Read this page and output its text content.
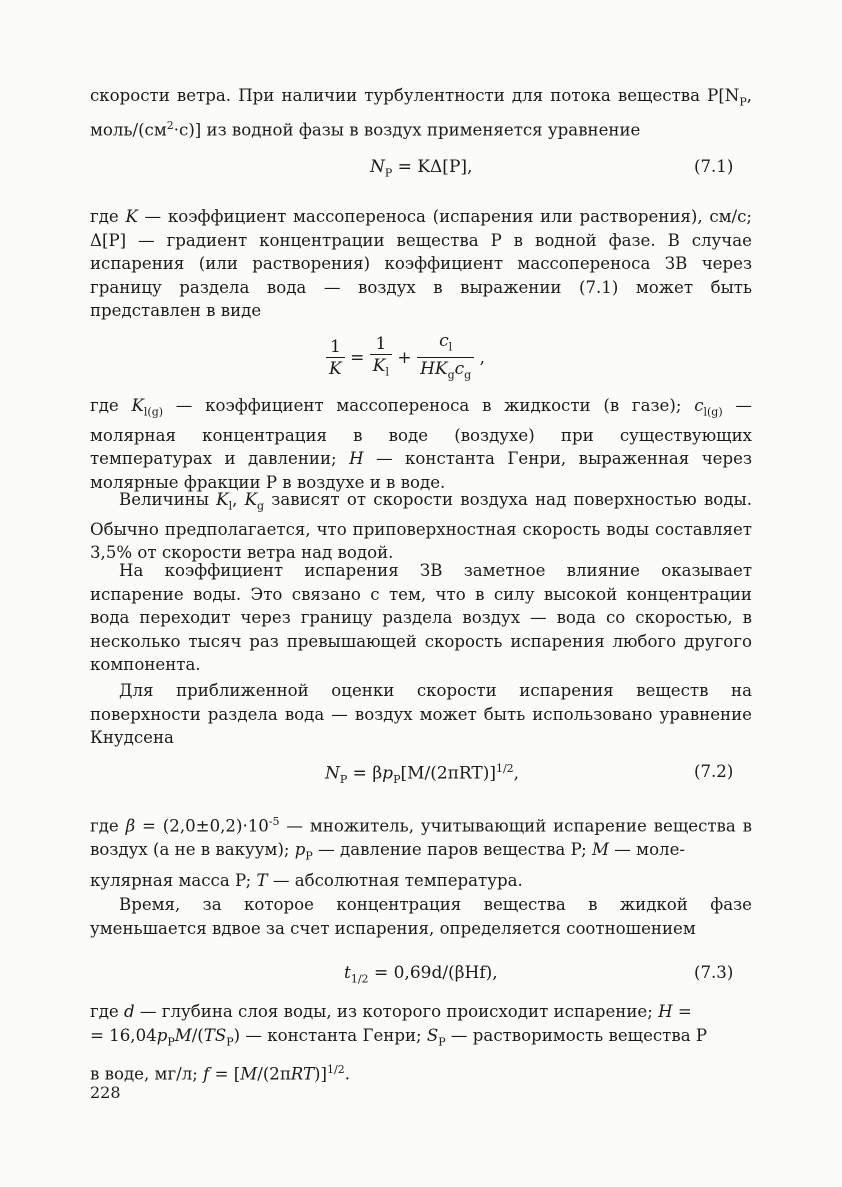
скорости ветра. При наличии турбулентности для потока вещества $P[N_P$, моль/$(см^2\cdot c)$] из водной фазы в воздух применяется уравнение

$N_P = K\Delta[P]$,	(7.1)

где K — коэффициент массопереноса (испарения или растворения), см/с; Δ[P] — градиент концентрации вещества P в водной фазе. В случае испарения (или растворения) коэффициент массопереноса ЗВ через границу раздела вода — воздух в выражении (7.1) может быть представлен в виде

$\frac{1}{K} = \frac{1}{K_l} + \frac{c_l}{HK_gc_g}$ ,

где $K_{l(g)}$ — коэффициент массопереноса в жидкости (в газе); $c_{l(g)}$ — молярная концентрация в воде (воздухе) при существующих температурах и давлении; H — константа Генри, выраженная через молярные фракции P в воздухе и в воде.

Величины $K_l$, $K_g$ зависят от скорости воздуха над поверхностью воды. Обычно предполагается, что приповерхностная скорость воды составляет 3,5% от скорости ветра над водой.

На коэффициент испарения ЗВ заметное влияние оказывает испарение воды. Это связано с тем, что в силу высокой концентрации вода переходит через границу раздела воздух — вода со скоростью, в несколько тысяч раз превышающей скорость испарения любого другого компонента.

Для приближенной оценки скорости испарения веществ на поверхности раздела вода — воздух может быть использовано уравнение Кнудсена

$N_P = \beta p_P[M/(2\pi RT)]^{1/2}$,	(7.2)

где $\beta = (2,0\pm 0,2)\cdot 10^{-5}$ — множитель, учитывающий испарение вещества в воздух (а не в вакуум); $p_P$ — давление паров вещества P; M — моле-

кулярная масса P; T — абсолютная температура.

Время, за которое концентрация вещества в жидкой фазе уменьшается вдвое за счет испарения, определяется соотношением

$t_{1/2} = 0,69d/(\beta Hf)$,	(7.3)

где d — глубина слоя воды, из которого происходит испарение; H =

= $16,04p_PM/(TS_P)$ — константа Генри; $S_P$ — растворимость вещества P

в воде, мг/л; $f = [M/(2\pi RT)]^{1/2}$.

228
